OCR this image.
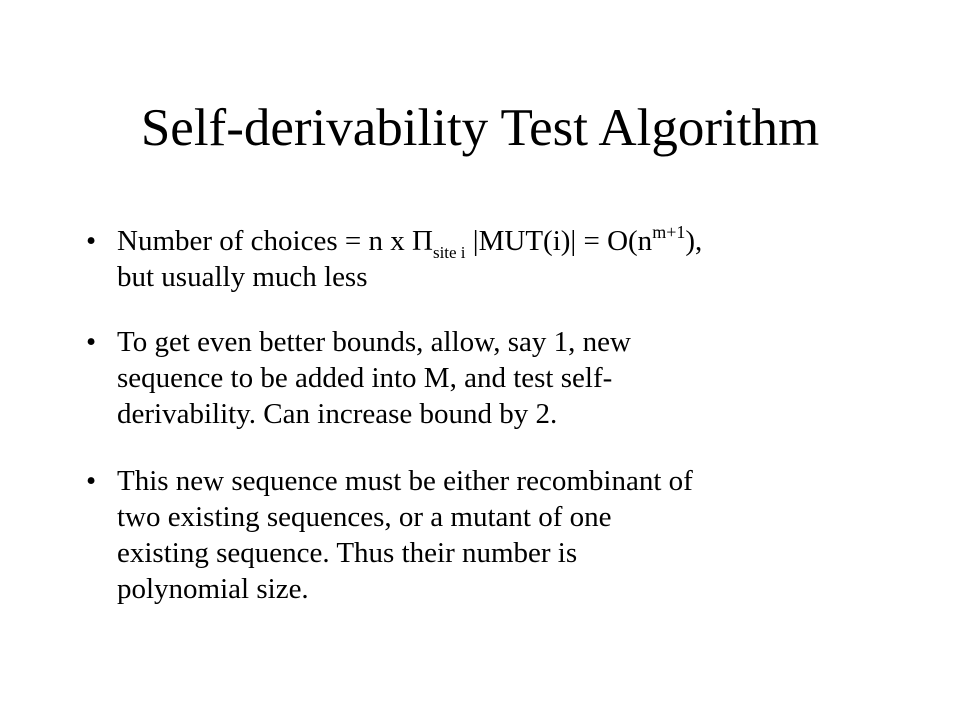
Self-derivability Test Algorithm
• Number of choices = n x $\Pi_{site i}$ $|MUT(i)| = O(n^{m+1})$,
but usually much less
• To get even better bounds, allow, say 1, new
sequence to be added into M, and test self-
derivability. Can increase bound by 2.
• This new sequence must be either recombinant of
two existing sequences, or a mutant of one
existing sequence. Thus their number is
polynomial size.
